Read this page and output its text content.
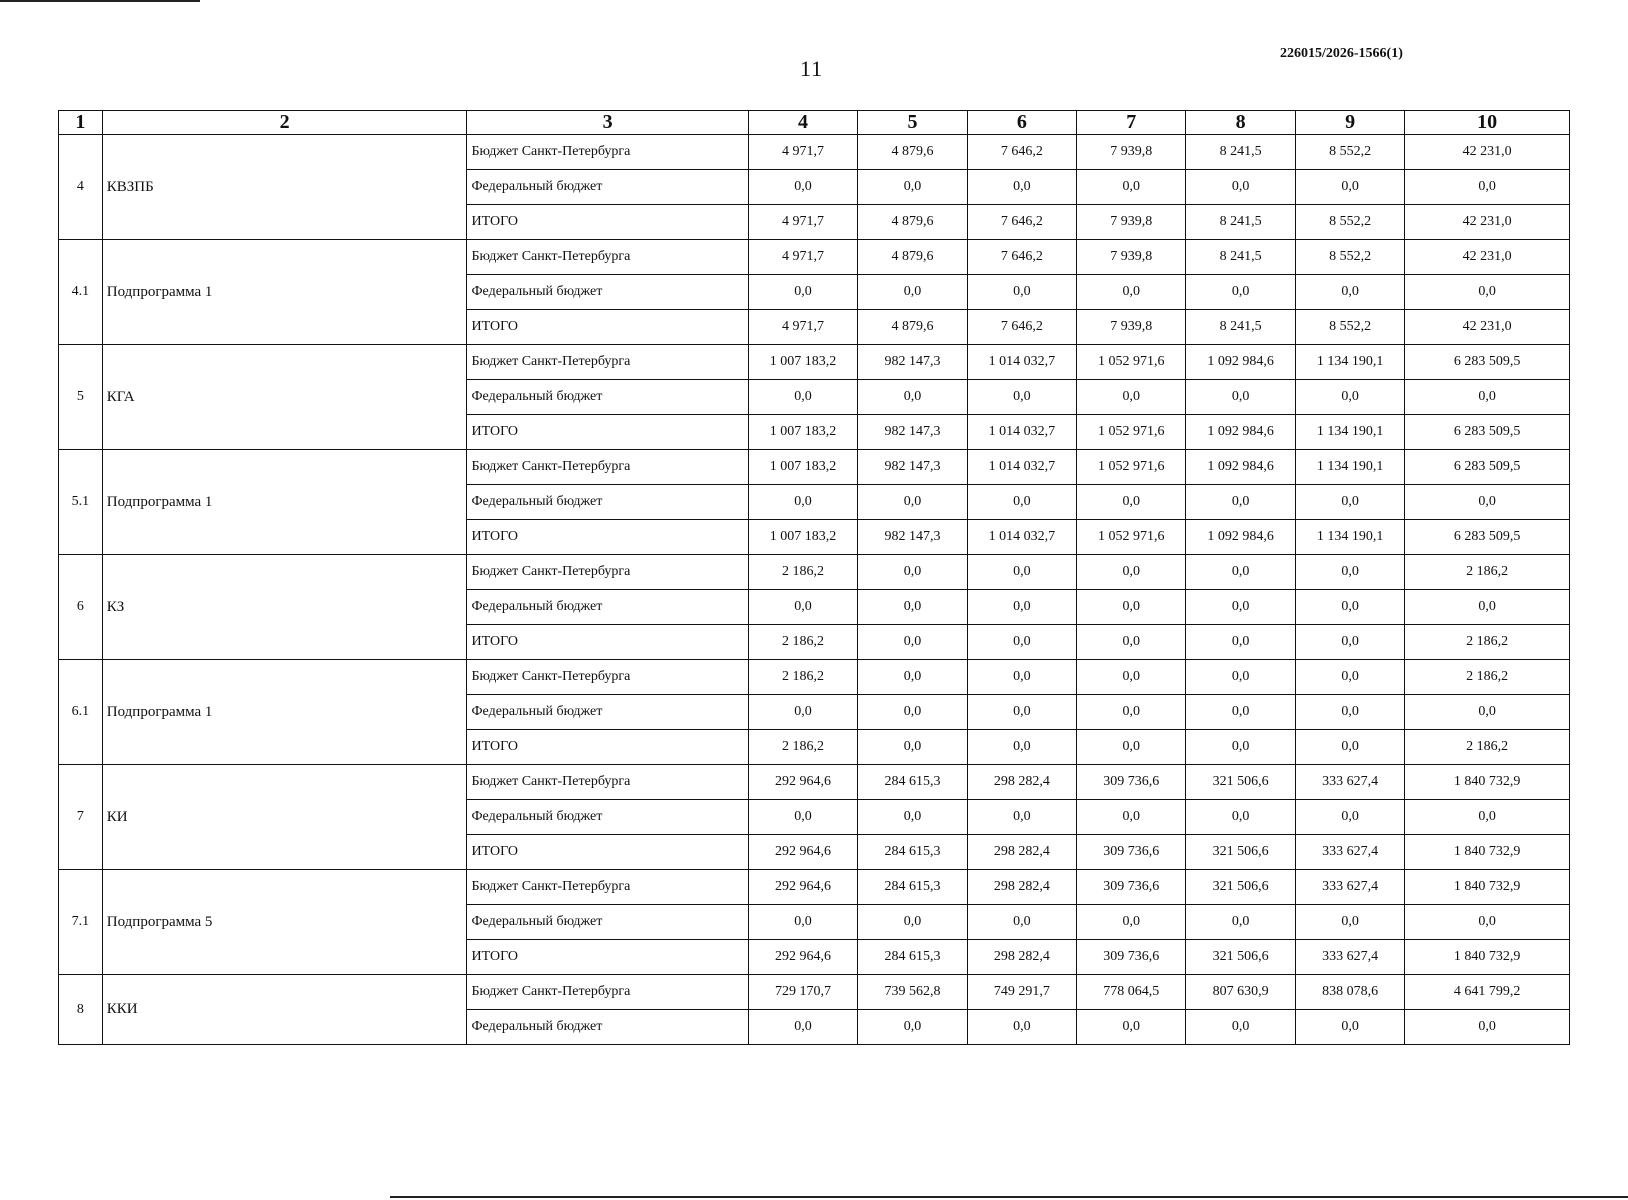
11
226015/2026-1566(1)
1	2	3	4	5	6	7	8	9	10
4	КВЗПБ	Бюджет Санкт-Петербурга	4 971,7	4 879,6	7 646,2	7 939,8	8 241,5	8 552,2	42 231,0
		Федеральный бюджет	0,0	0,0	0,0	0,0	0,0	0,0	0,0
		ИТОГО	4 971,7	4 879,6	7 646,2	7 939,8	8 241,5	8 552,2	42 231,0
4.1	Подпрограмма 1	Бюджет Санкт-Петербурга	4 971,7	4 879,6	7 646,2	7 939,8	8 241,5	8 552,2	42 231,0
		Федеральный бюджет	0,0	0,0	0,0	0,0	0,0	0,0	0,0
		ИТОГО	4 971,7	4 879,6	7 646,2	7 939,8	8 241,5	8 552,2	42 231,0
5	КГА	Бюджет Санкт-Петербурга	1 007 183,2	982 147,3	1 014 032,7	1 052 971,6	1 092 984,6	1 134 190,1	6 283 509,5
		Федеральный бюджет	0,0	0,0	0,0	0,0	0,0	0,0	0,0
		ИТОГО	1 007 183,2	982 147,3	1 014 032,7	1 052 971,6	1 092 984,6	1 134 190,1	6 283 509,5
5.1	Подпрограмма 1	Бюджет Санкт-Петербурга	1 007 183,2	982 147,3	1 014 032,7	1 052 971,6	1 092 984,6	1 134 190,1	6 283 509,5
		Федеральный бюджет	0,0	0,0	0,0	0,0	0,0	0,0	0,0
		ИТОГО	1 007 183,2	982 147,3	1 014 032,7	1 052 971,6	1 092 984,6	1 134 190,1	6 283 509,5
6	КЗ	Бюджет Санкт-Петербурга	2 186,2	0,0	0,0	0,0	0,0	0,0	2 186,2
		Федеральный бюджет	0,0	0,0	0,0	0,0	0,0	0,0	0,0
		ИТОГО	2 186,2	0,0	0,0	0,0	0,0	0,0	2 186,2
6.1	Подпрограмма 1	Бюджет Санкт-Петербурга	2 186,2	0,0	0,0	0,0	0,0	0,0	2 186,2
		Федеральный бюджет	0,0	0,0	0,0	0,0	0,0	0,0	0,0
		ИТОГО	2 186,2	0,0	0,0	0,0	0,0	0,0	2 186,2
7	КИ	Бюджет Санкт-Петербурга	292 964,6	284 615,3	298 282,4	309 736,6	321 506,6	333 627,4	1 840 732,9
		Федеральный бюджет	0,0	0,0	0,0	0,0	0,0	0,0	0,0
		ИТОГО	292 964,6	284 615,3	298 282,4	309 736,6	321 506,6	333 627,4	1 840 732,9
7.1	Подпрограмма 5	Бюджет Санкт-Петербурга	292 964,6	284 615,3	298 282,4	309 736,6	321 506,6	333 627,4	1 840 732,9
		Федеральный бюджет	0,0	0,0	0,0	0,0	0,0	0,0	0,0
		ИТОГО	292 964,6	284 615,3	298 282,4	309 736,6	321 506,6	333 627,4	1 840 732,9
8	ККИ	Бюджет Санкт-Петербурга	729 170,7	739 562,8	749 291,7	778 064,5	807 630,9	838 078,6	4 641 799,2
		Федеральный бюджет	0,0	0,0	0,0	0,0	0,0	0,0	0,0
